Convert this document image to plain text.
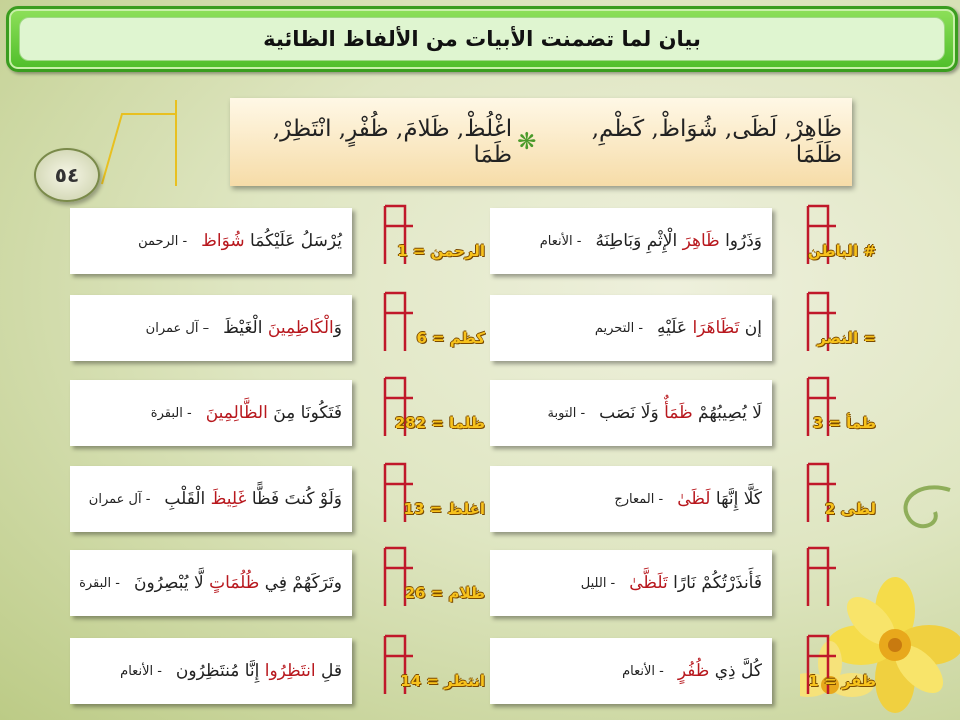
بيان لما تضمنت الأبيات من الألفاظ الظائية
٥٤
ظَاهِرْ, لَظَى, شُوَاظْ, كَظْمِ, ظَلَمَا
❋
اغْلُظْ, ظَلامَ, ظُفْرٍ, انْتَظِرْ, ظَمَا
وَذَرُوا ظَاهِرَ الْإِثْمِ وَبَاطِنَهُ
- الأنعام
# الباطن
إن تَظَاهَرَا عَلَيْهِ
- التحريم
= النصر
لَا يُصِيبُهُمْ ظَمَأٌ وَلَا نَصَب
- التوبة
ظمأ = 3
كَلَّا إِنَّهَا لَظَىٰ
- المعارج
لظى 2
فَأَنذَرْتُكُمْ نَارًا تَلَظَّىٰ
- الليل
كُلَّ ذِي ظُفُرٍ
- الأنعام
ظفر = 1
يُرْسَلُ عَلَيْكُمَا شُوَاظ
- الرحمن
الرحمن = 1
وَالْكَاظِمِينَ الْغَيْظَ
– آل عمران
كظم = 6
فَتَكُونَا مِنَ الظَّالِمِينَ
- البقرة
ظلما = 282
وَلَوْ كُنتَ فَظًّا غَلِيظَ الْقَلْبِ
- آل عمران
اغلظ = 13
وتَرَكَهُمْ فِي ظُلُمَاتٍ لَّا يُبْصِرُونَ
- البقرة
ظلام = 26
قلِ انتَظِرُوا إِنَّا مُنتَظِرُون
- الأنعام
انتظر = 14
